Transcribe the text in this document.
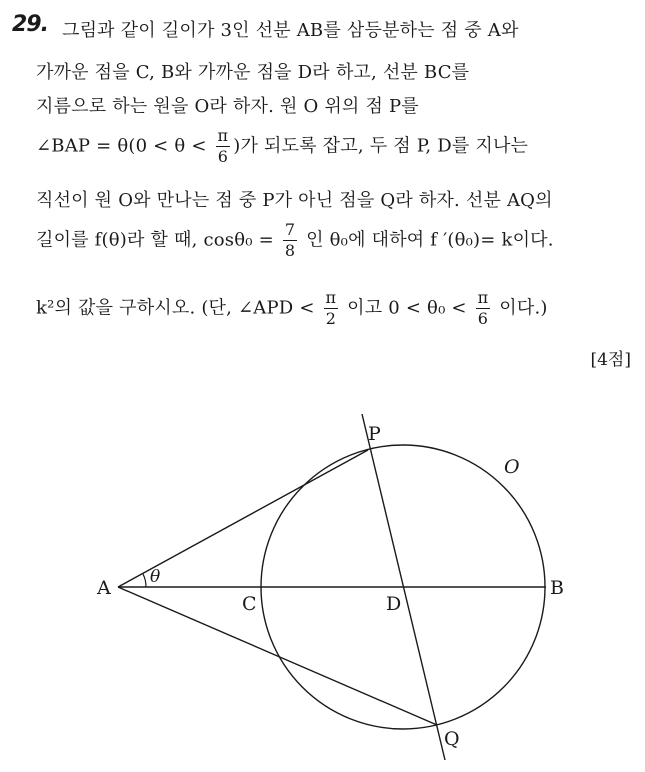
29. 그림과 같이 길이가 3인 선분 AB를 삼등분하는 점 중 A와
가까운 점을 C, B와 가까운 점을 D라 하고, 선분 BC를
지름으로 하는 원을 O라 하자. 원 O 위의 점 P를
∠BAP = $\theta(0 < \theta < \frac{\pi}{6}$ )가 되도록 잡고, 두 점 P, D를 지나는
직선이 원 O와 만나는 점 중 P가 아닌 점을 Q라 하자. 선분 AQ의
길이를 f(θ)라 할 때, $\cos\theta_0 = \frac{7}{8}$ 인 θ₀에 대하여 f ′(θ₀)= k이다.
k²의 값을 구하시오. (단, ∠APD < $\frac{\pi}{2}$ 이고 $0 < \theta_0 < \frac{\pi}{6}$ 이다.)
[4점]
A	B
C	D
P
Q
O
θ
